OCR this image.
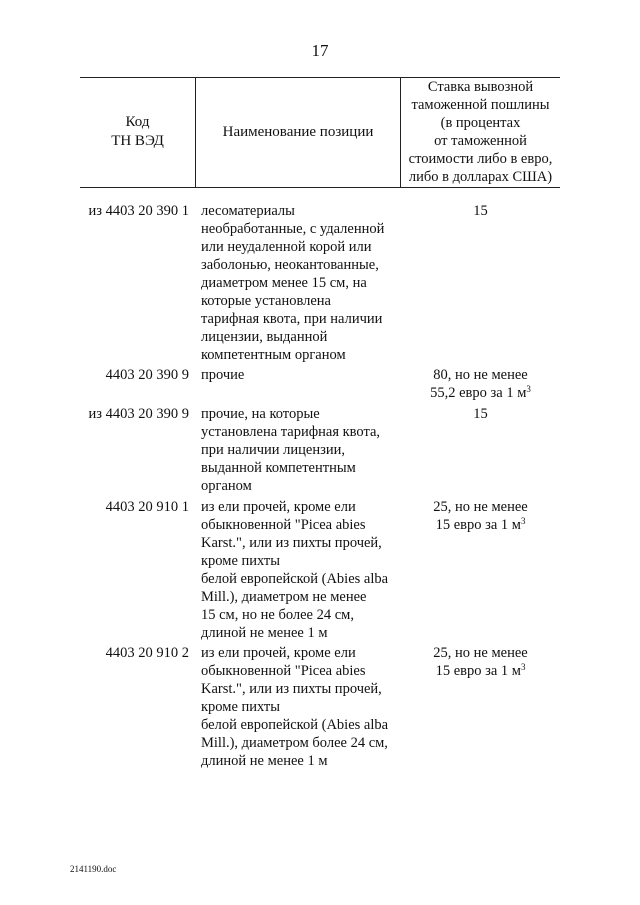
17
Код
ТН ВЭД
Наименование позиции
Ставка вывозной
таможенной пошлины
(в процентах
от таможенной
стоимости либо в евро,
либо в долларах США)
из 4403 20 390 1 лесоматериалы
необработанные, с удаленной
или неудаленной корой или
заболонью, неокантованные,
диаметром менее 15 см, на
которые установлена
тарифная квота, при наличии
лицензии, выданной
компетентным органом
15
4403 20 390 9 прочие	80, но не менее
55,2 евро за 1 $м^3$
из 4403 20 390 9 прочие, на которые
установлена тарифная квота,
при наличии лицензии,
выданной компетентным
органом
15
4403 20 910 1 из ели прочей, кроме ели
обыкновенной "Picea abies
Karst.", или из пихты прочей,
кроме пихты
белой европейской (Abies alba
Mill.), диаметром не менее
15 см, но не более 24 см,
длиной не менее 1 м
25, но не менее
15 евро за 1 $м^3$
4403 20 910 2 из ели прочей, кроме ели
обыкновенной "Picea abies
Karst.", или из пихты прочей,
кроме пихты
белой европейской (Abies alba
Mill.), диаметром более 24 см,
длиной не менее 1 м
25, но не менее
15 евро за 1 $м^3$
2141190.doc
